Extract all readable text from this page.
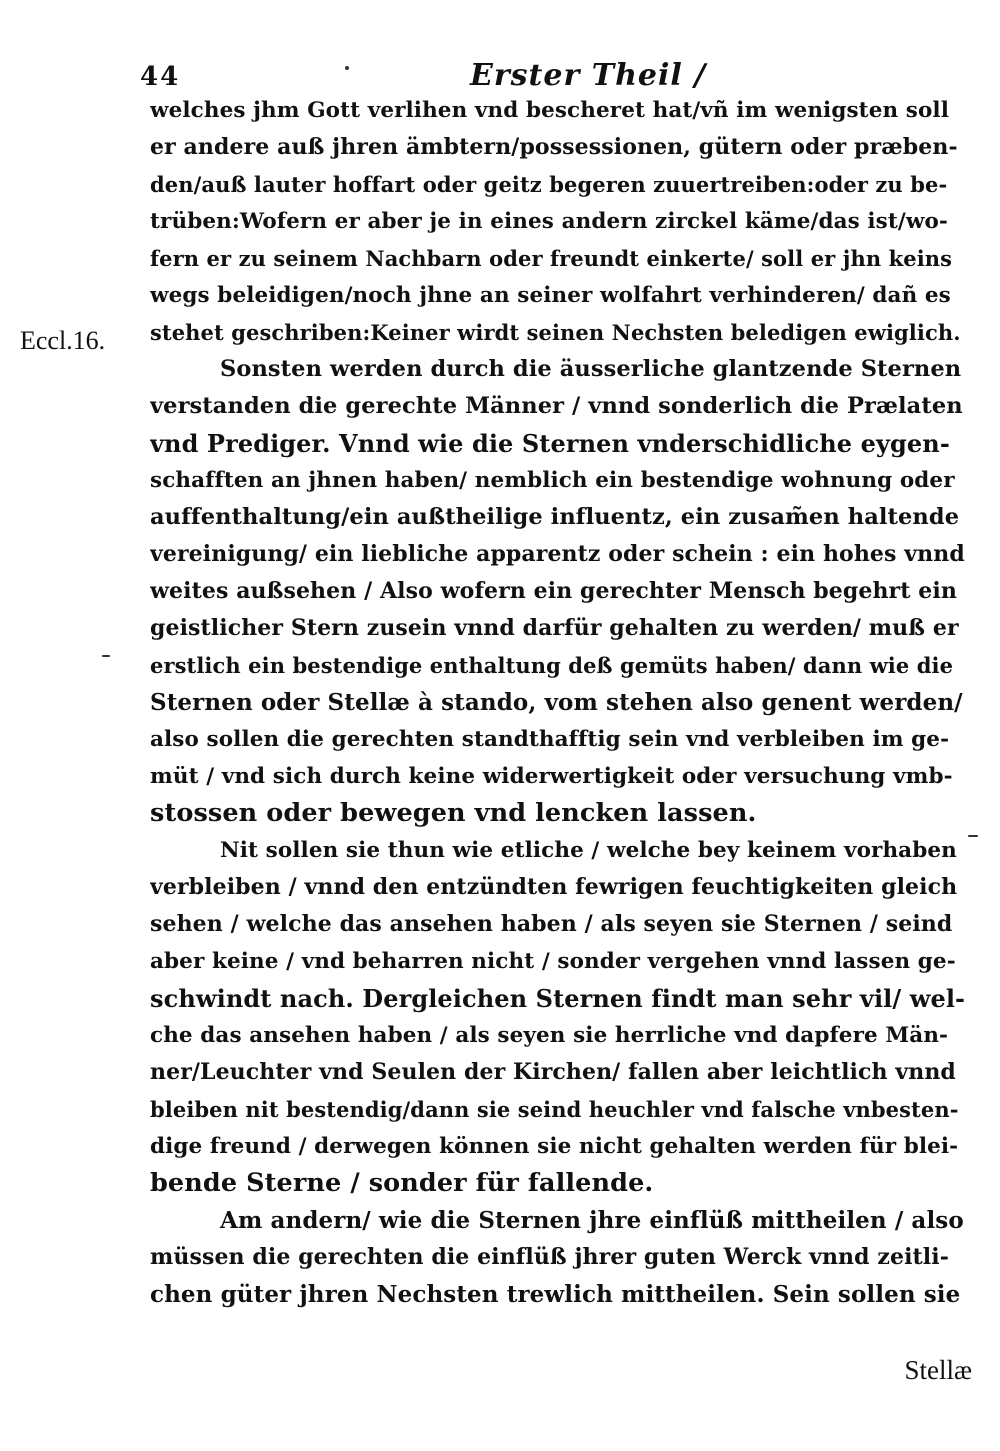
44	Erster Theil /
Eccl.16.
welches jhm Gott verlihen vnd bescheret hat/vñ im wenigsten soll
er andere auß jhren ämbtern/possessionen, gütern oder præben-
den/auß lauter hoffart oder geitz begeren zuuertreiben:oder zu be-
trüben:Wofern er aber je in eines andern zirckel käme/das ist/wo-
fern er zu seinem Nachbarn oder freundt einkerte/ soll er jhn keins
wegs beleidigen/noch jhne an seiner wolfahrt verhinderen/ dañ es
stehet geschriben:Keiner wirdt seinen Nechsten beledigen ewiglich.
Sonsten werden durch die äusserliche glantzende Sternen
verstanden die gerechte Männer / vnnd sonderlich die Prælaten
vnd Prediger. Vnnd wie die Sternen vnderschidliche eygen-
schafften an jhnen haben/ nemblich ein bestendige wohnung oder
auffenthaltung/ein außtheilige influentz, ein zusam̃en haltende
vereinigung/ ein liebliche apparentz oder schein : ein hohes vnnd
weites außsehen / Also wofern ein gerechter Mensch begehrt ein
geistlicher Stern zusein vnnd darfür gehalten zu werden/ muß er
erstlich ein bestendige enthaltung deß gemüts haben/ dann wie die
Sternen oder Stellæ à stando, vom stehen also genent werden/
also sollen die gerechten standthafftig sein vnd verbleiben im ge-
müt / vnd sich durch keine widerwertigkeit oder versuchung vmb-
stossen oder bewegen vnd lencken lassen.
Nit sollen sie thun wie etliche / welche bey keinem vorhaben
verbleiben / vnnd den entzündten fewrigen feuchtigkeiten gleich
sehen / welche das ansehen haben / als seyen sie Sternen / seind
aber keine / vnd beharren nicht / sonder vergehen vnnd lassen ge-
schwindt nach. Dergleichen Sternen findt man sehr vil/ wel-
che das ansehen haben / als seyen sie herrliche vnd dapfere Män-
ner/Leuchter vnd Seulen der Kirchen/ fallen aber leichtlich vnnd
bleiben nit bestendig/dann sie seind heuchler vnd falsche vnbesten-
dige freund / derwegen können sie nicht gehalten werden für blei-
bende Sterne / sonder für fallende.
Am andern/ wie die Sternen jhre einflüß mittheilen / also
müssen die gerechten die einflüß jhrer guten Werck vnnd zeitli-
chen güter jhren Nechsten trewlich mittheilen. Sein sollen sie
Stellæ
